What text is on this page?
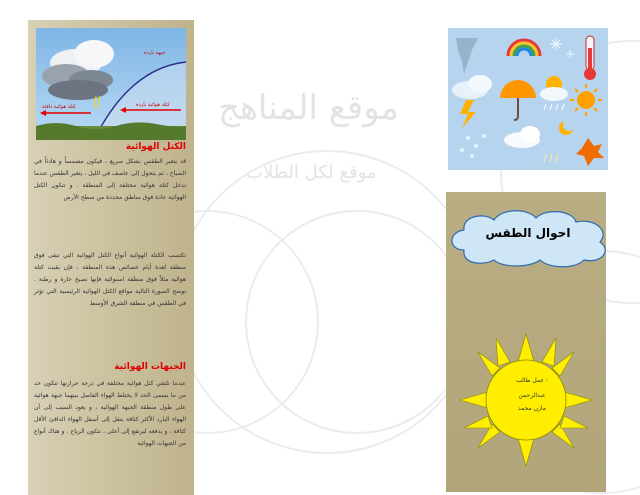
موقع المناهج
موقع لكل الطلاب
جبهة باردة
كتلة هوائية باردة
كتلة هوائية دافئة
الكتل الهوائية
قد يتغير الطقس بشكل سريع ، فيكون مشمساً و هادئاً في الصباح ، ثم يتحول إلى عاصف في الليل ، يتغير الطقس عندما تدخل كتلة هوائية مختلفة إلى المنطقة . و تتكون الكتل الهوائية عادة فوق مناطق محددة من سطح الأرض
تكتسب الكتلة الهوائية أنواع الكتل الهوائية التي تبقى فوق منطقة لعدة أيام خصائص هذه المنطقة ، فإن بقيت كتلة هوائية مثلاً فوق منطقة استوائية فإنها تصبح حارة و رطبة . توضح الصورة التالية مواقع الكتل الهوائية الرئيسية التي تؤثر في الطقس في منطقة الشرق الأوسط
الجبهات الهوائية
عندما تلتقي كتل هوائية مختلفة في درجة حرارتها تتكون حد من ما يسمى الحد لا يختلط الهواء الفاصل بينهما جبهة هوائية على طول منطقة الجبهة الهوائية ، و يعود السبب إلى أن الهواء البارد الأكثر كثافة يتقل إلى أسفل الهواء الدافئ الأقل كثافة ، و يدفعه ليرتفع إلى أعلى ، تتكون الرياح . و هناك أنواع من الجبهات الهوائية
احوال الطقس
عمل طالب :
عبدالرحمن
مازن محمد
